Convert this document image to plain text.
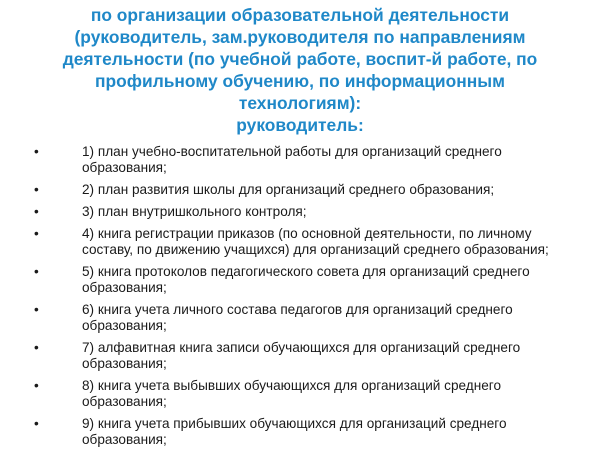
по организации образовательной деятельности
(руководитель, зам.руководителя по направлениям
деятельности (по учебной работе, воспит-й работе, по
профильному обучению, по информационным технологиям):
руководитель:
•	1) план учебно-воспитательной работы для организаций среднего образования;
•	2) план развития школы для организаций среднего образования;
•	3) план внутришкольного контроля;
•	4) книга регистрации приказов (по основной деятельности, по личному составу, по движению учащихся) для организаций среднего образования;
•	5) книга протоколов педагогического совета для организаций среднего образования;
•	6) книга учета личного состава педагогов для организаций среднего образования;
•	7) алфавитная книга записи обучающихся для организаций среднего образования;
•	8) книга учета выбывших обучающихся для организаций среднего образования;
•	9) книга учета прибывших обучающихся для организаций среднего образования;
